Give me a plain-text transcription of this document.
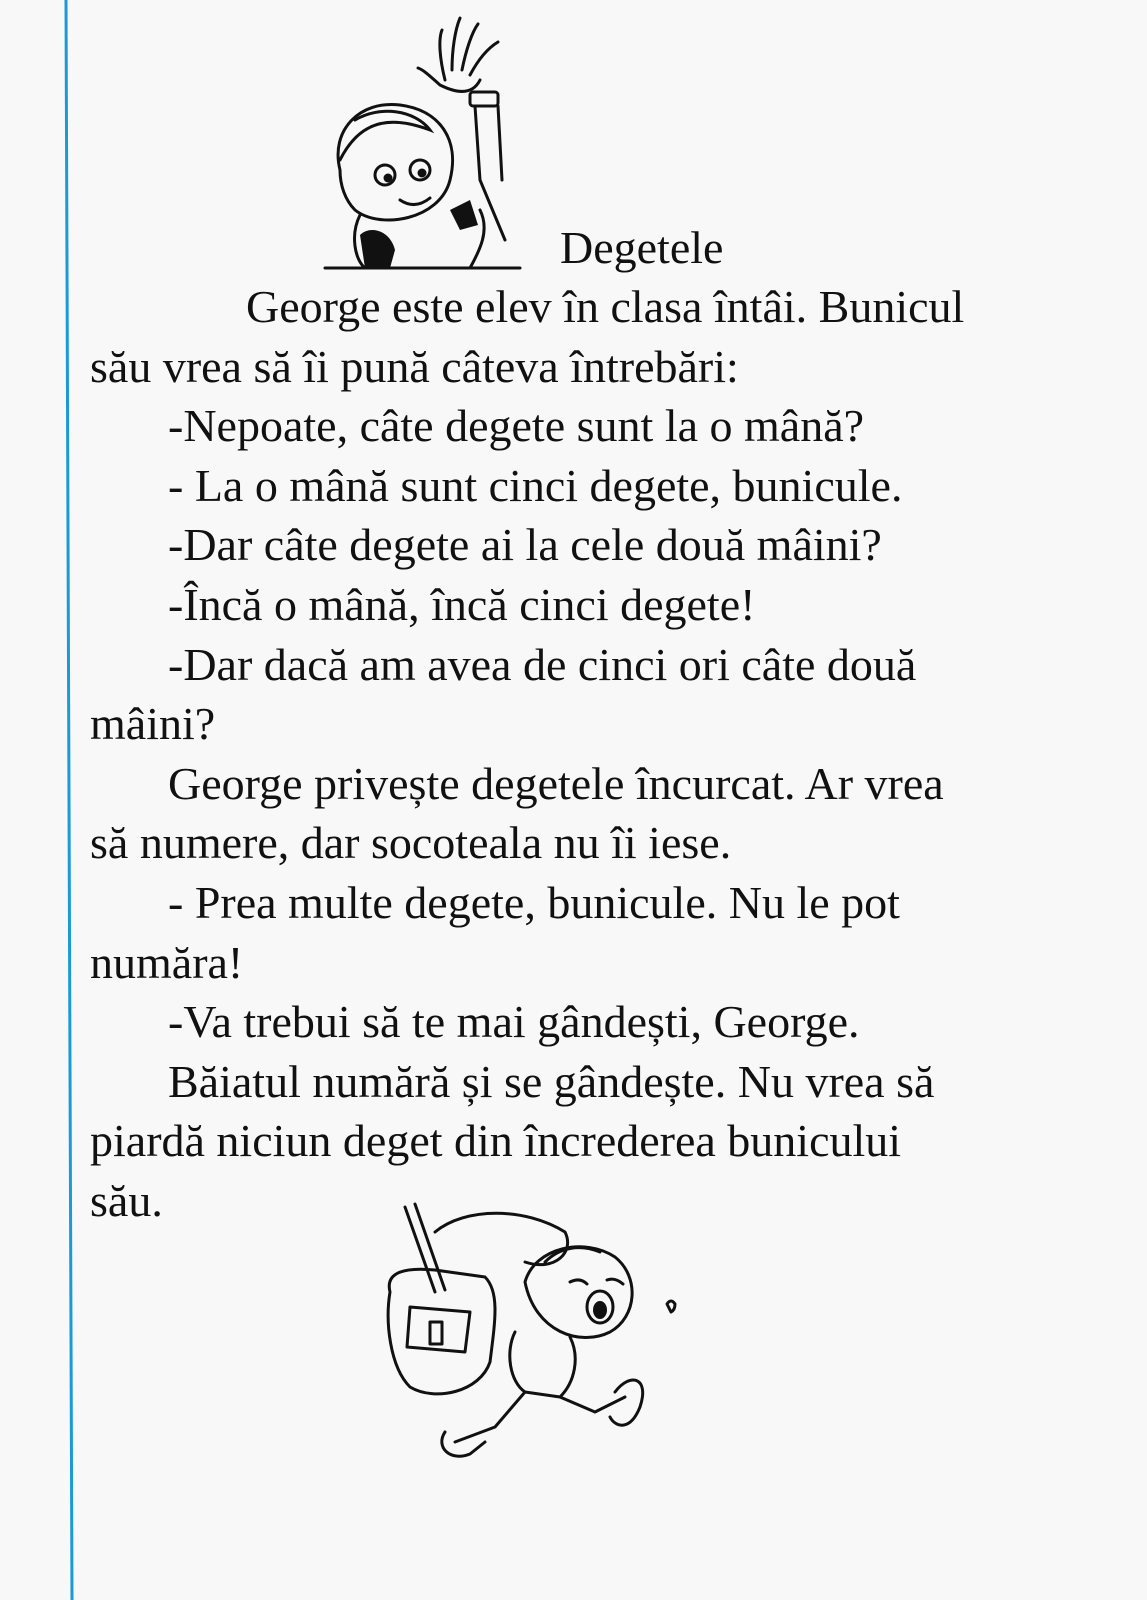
Degetele
George este elev în clasa întâi. Bunicul
său vrea să îi pună câteva întrebări:
-Nepoate, câte degete sunt la o mână?
- La o mână sunt cinci degete, bunicule.
-Dar câte degete ai la cele două mâini?
-Încă o mână, încă cinci degete!
-Dar dacă am avea de cinci ori câte două
mâini?
George privește degetele încurcat. Ar vrea
să numere, dar socoteala nu îi iese.
- Prea multe degete, bunicule. Nu le pot
număra!
-Va trebui să te mai gândești, George.
Băiatul numără și se gândește. Nu vrea să
piardă niciun deget din încrederea bunicului
său.
